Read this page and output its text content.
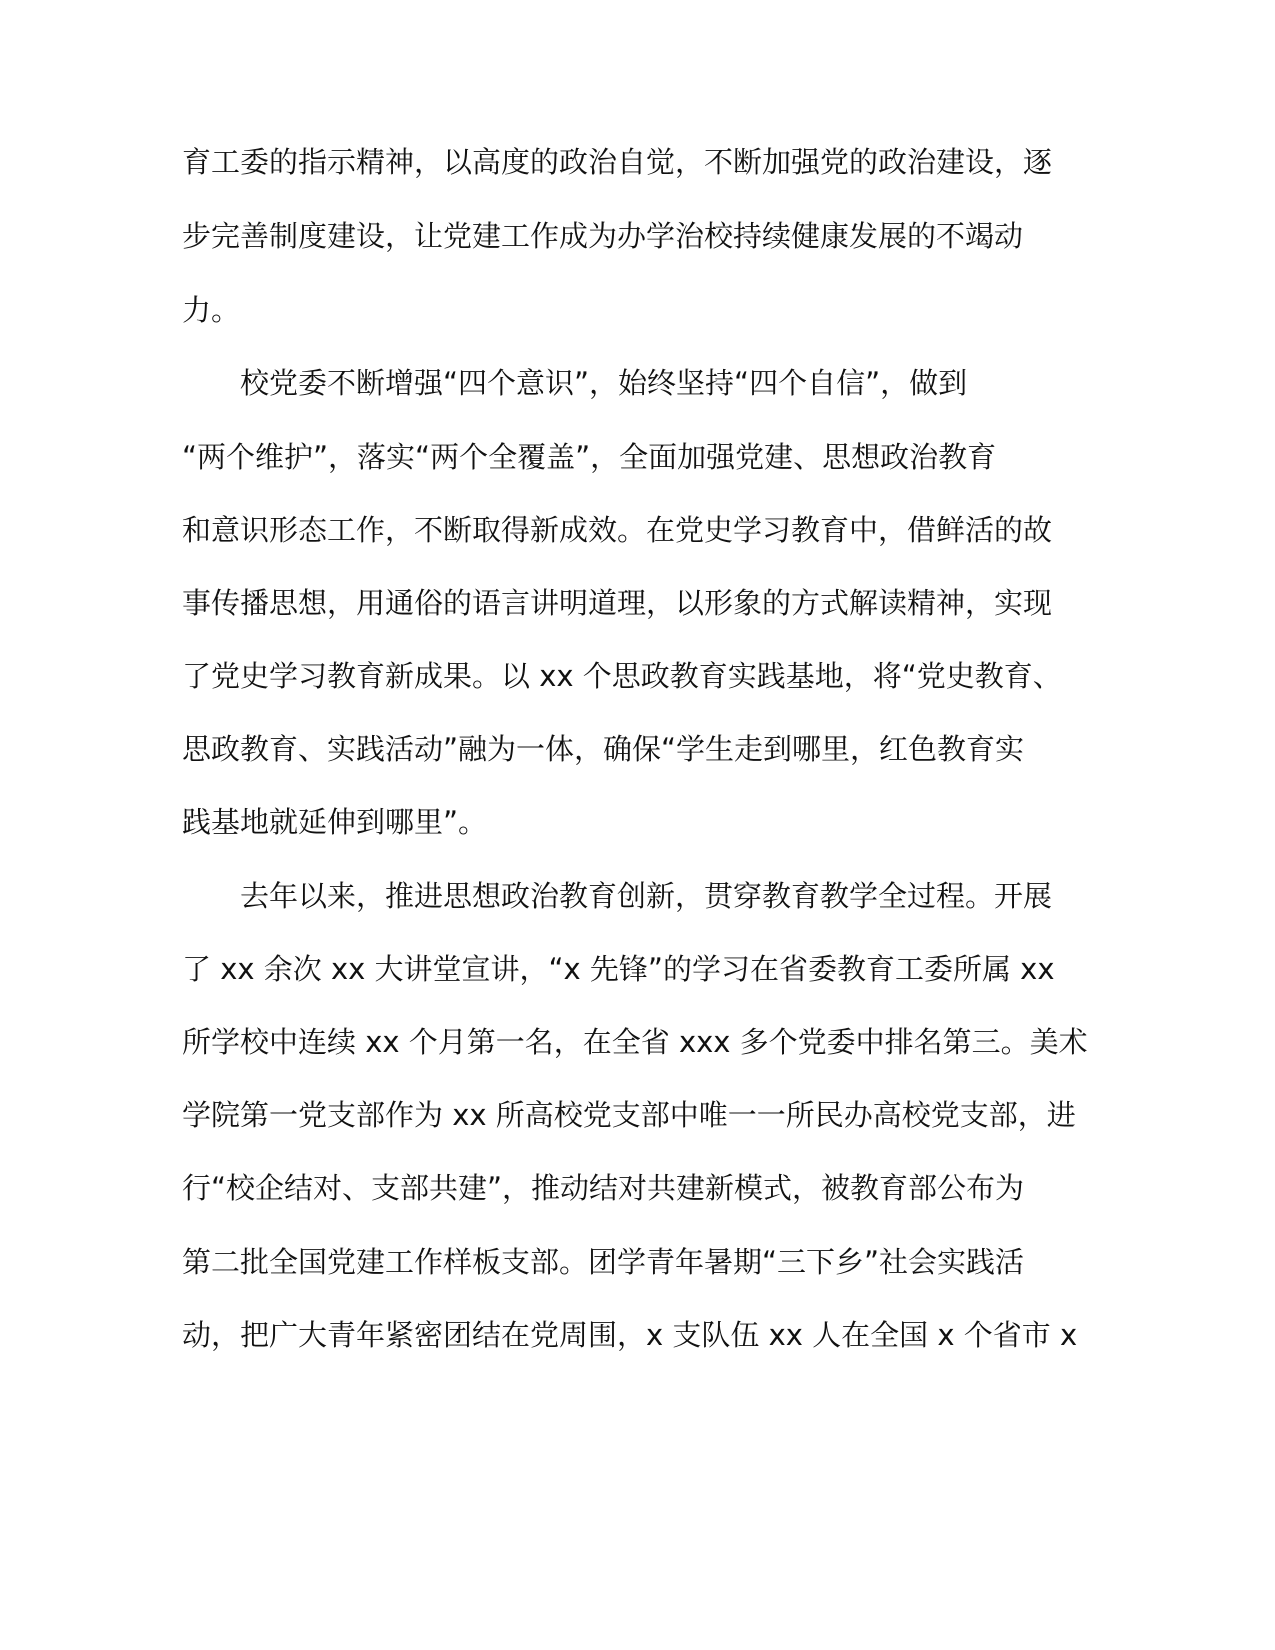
育工委的指示精神，以高度的政治自觉，不断加强党的政治建设，逐
步完善制度建设，让党建工作成为办学治校持续健康发展的不竭动
力。
校党委不断增强“四个意识”，始终坚持“四个自信”，做到
“两个维护”，落实“两个全覆盖”，全面加强党建、思想政治教育
和意识形态工作，不断取得新成效。在党史学习教育中，借鲜活的故
事传播思想，用通俗的语言讲明道理，以形象的方式解读精神，实现
了党史学习教育新成果。以 xx 个思政教育实践基地，将“党史教育、
思政教育、实践活动”融为一体，确保“学生走到哪里，红色教育实
践基地就延伸到哪里”。
去年以来，推进思想政治教育创新，贯穿教育教学全过程。开展
了 xx 余次 xx 大讲堂宣讲，“x 先锋”的学习在省委教育工委所属 xx
所学校中连续 xx 个月第一名，在全省 xxx 多个党委中排名第三。美术
学院第一党支部作为 xx 所高校党支部中唯一一所民办高校党支部，进
行“校企结对、支部共建”，推动结对共建新模式，被教育部公布为
第二批全国党建工作样板支部。团学青年暑期“三下乡”社会实践活
动，把广大青年紧密团结在党周围，x 支队伍 xx 人在全国 x 个省市 x
